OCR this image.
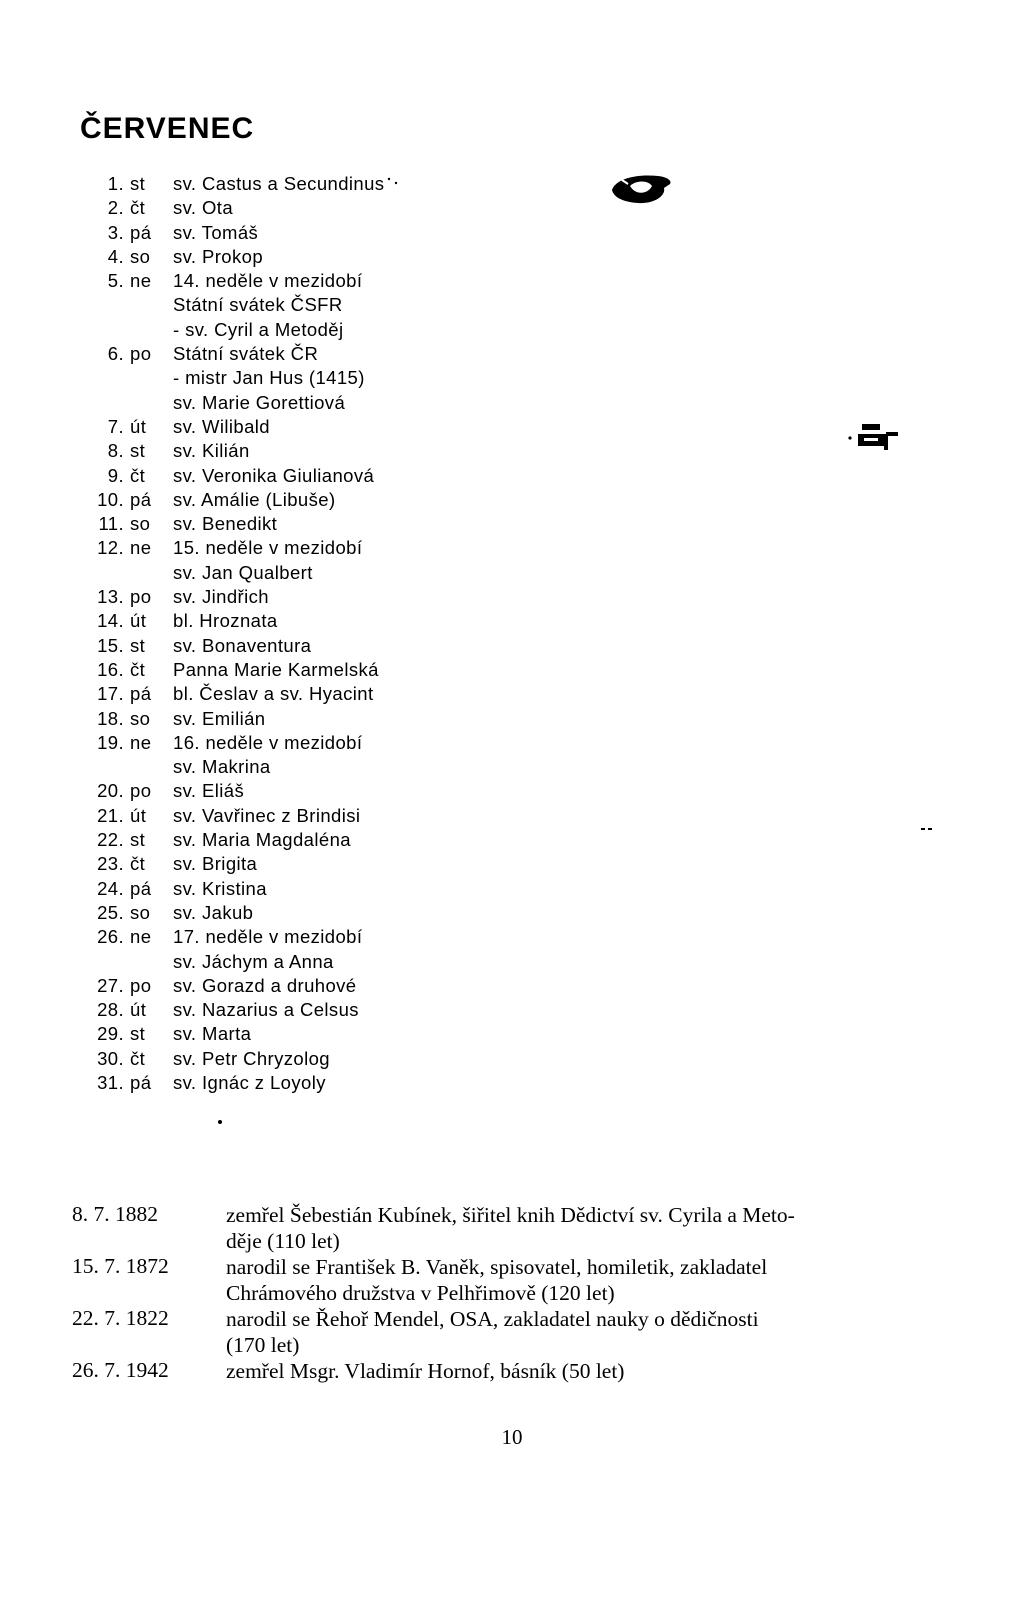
ČERVENEC
1. st sv. Castus a Secundinus
2. čt sv. Ota
3. pá sv. Tomáš
4. so sv. Prokop
5. ne 14. neděle v mezidobí
Státní svátek ČSFR
- sv. Cyril a Metoděj
6. po Státní svátek ČR
- mistr Jan Hus (1415)
sv. Marie Gorettiová
7. út sv. Wilibald
8. st sv. Kilián
9. čt sv. Veronika Giulianová
10. pá sv. Amálie (Libuše)
11. so sv. Benedikt
12. ne 15. neděle v mezidobí
sv. Jan Qualbert
13. po sv. Jindřich
14. út bl. Hroznata
15. st sv. Bonaventura
16. čt Panna Marie Karmelská
17. pá bl. Česlav a sv. Hyacint
18. so sv. Emilián
19. ne 16. neděle v mezidobí
sv. Makrina
20. po sv. Eliáš
21. út sv. Vavřinec z Brindisi
22. st sv. Maria Magdaléna
23. čt sv. Brigita
24. pá sv. Kristina
25. so sv. Jakub
26. ne 17. neděle v mezidobí
sv. Jáchym a Anna
27. po sv. Gorazd a druhové
28. út sv. Nazarius a Celsus
29. st sv. Marta
30. čt sv. Petr Chryzolog
31. pá sv. Ignác z Loyoly
8. 7. 1882	zemřel Šebestián Kubínek, šiřitel knih Dědictví sv. Cyrila a Meto-
děje (110 let)
15. 7. 1872	narodil se František B. Vaněk, spisovatel, homiletik, zakladatel
Chrámového družstva v Pelhřimově (120 let)
22. 7. 1822	narodil se Řehoř Mendel, OSA, zakladatel nauky o dědičnosti
(170 let)
26. 7. 1942	zemřel Msgr. Vladimír Hornof, básník (50 let)
10
